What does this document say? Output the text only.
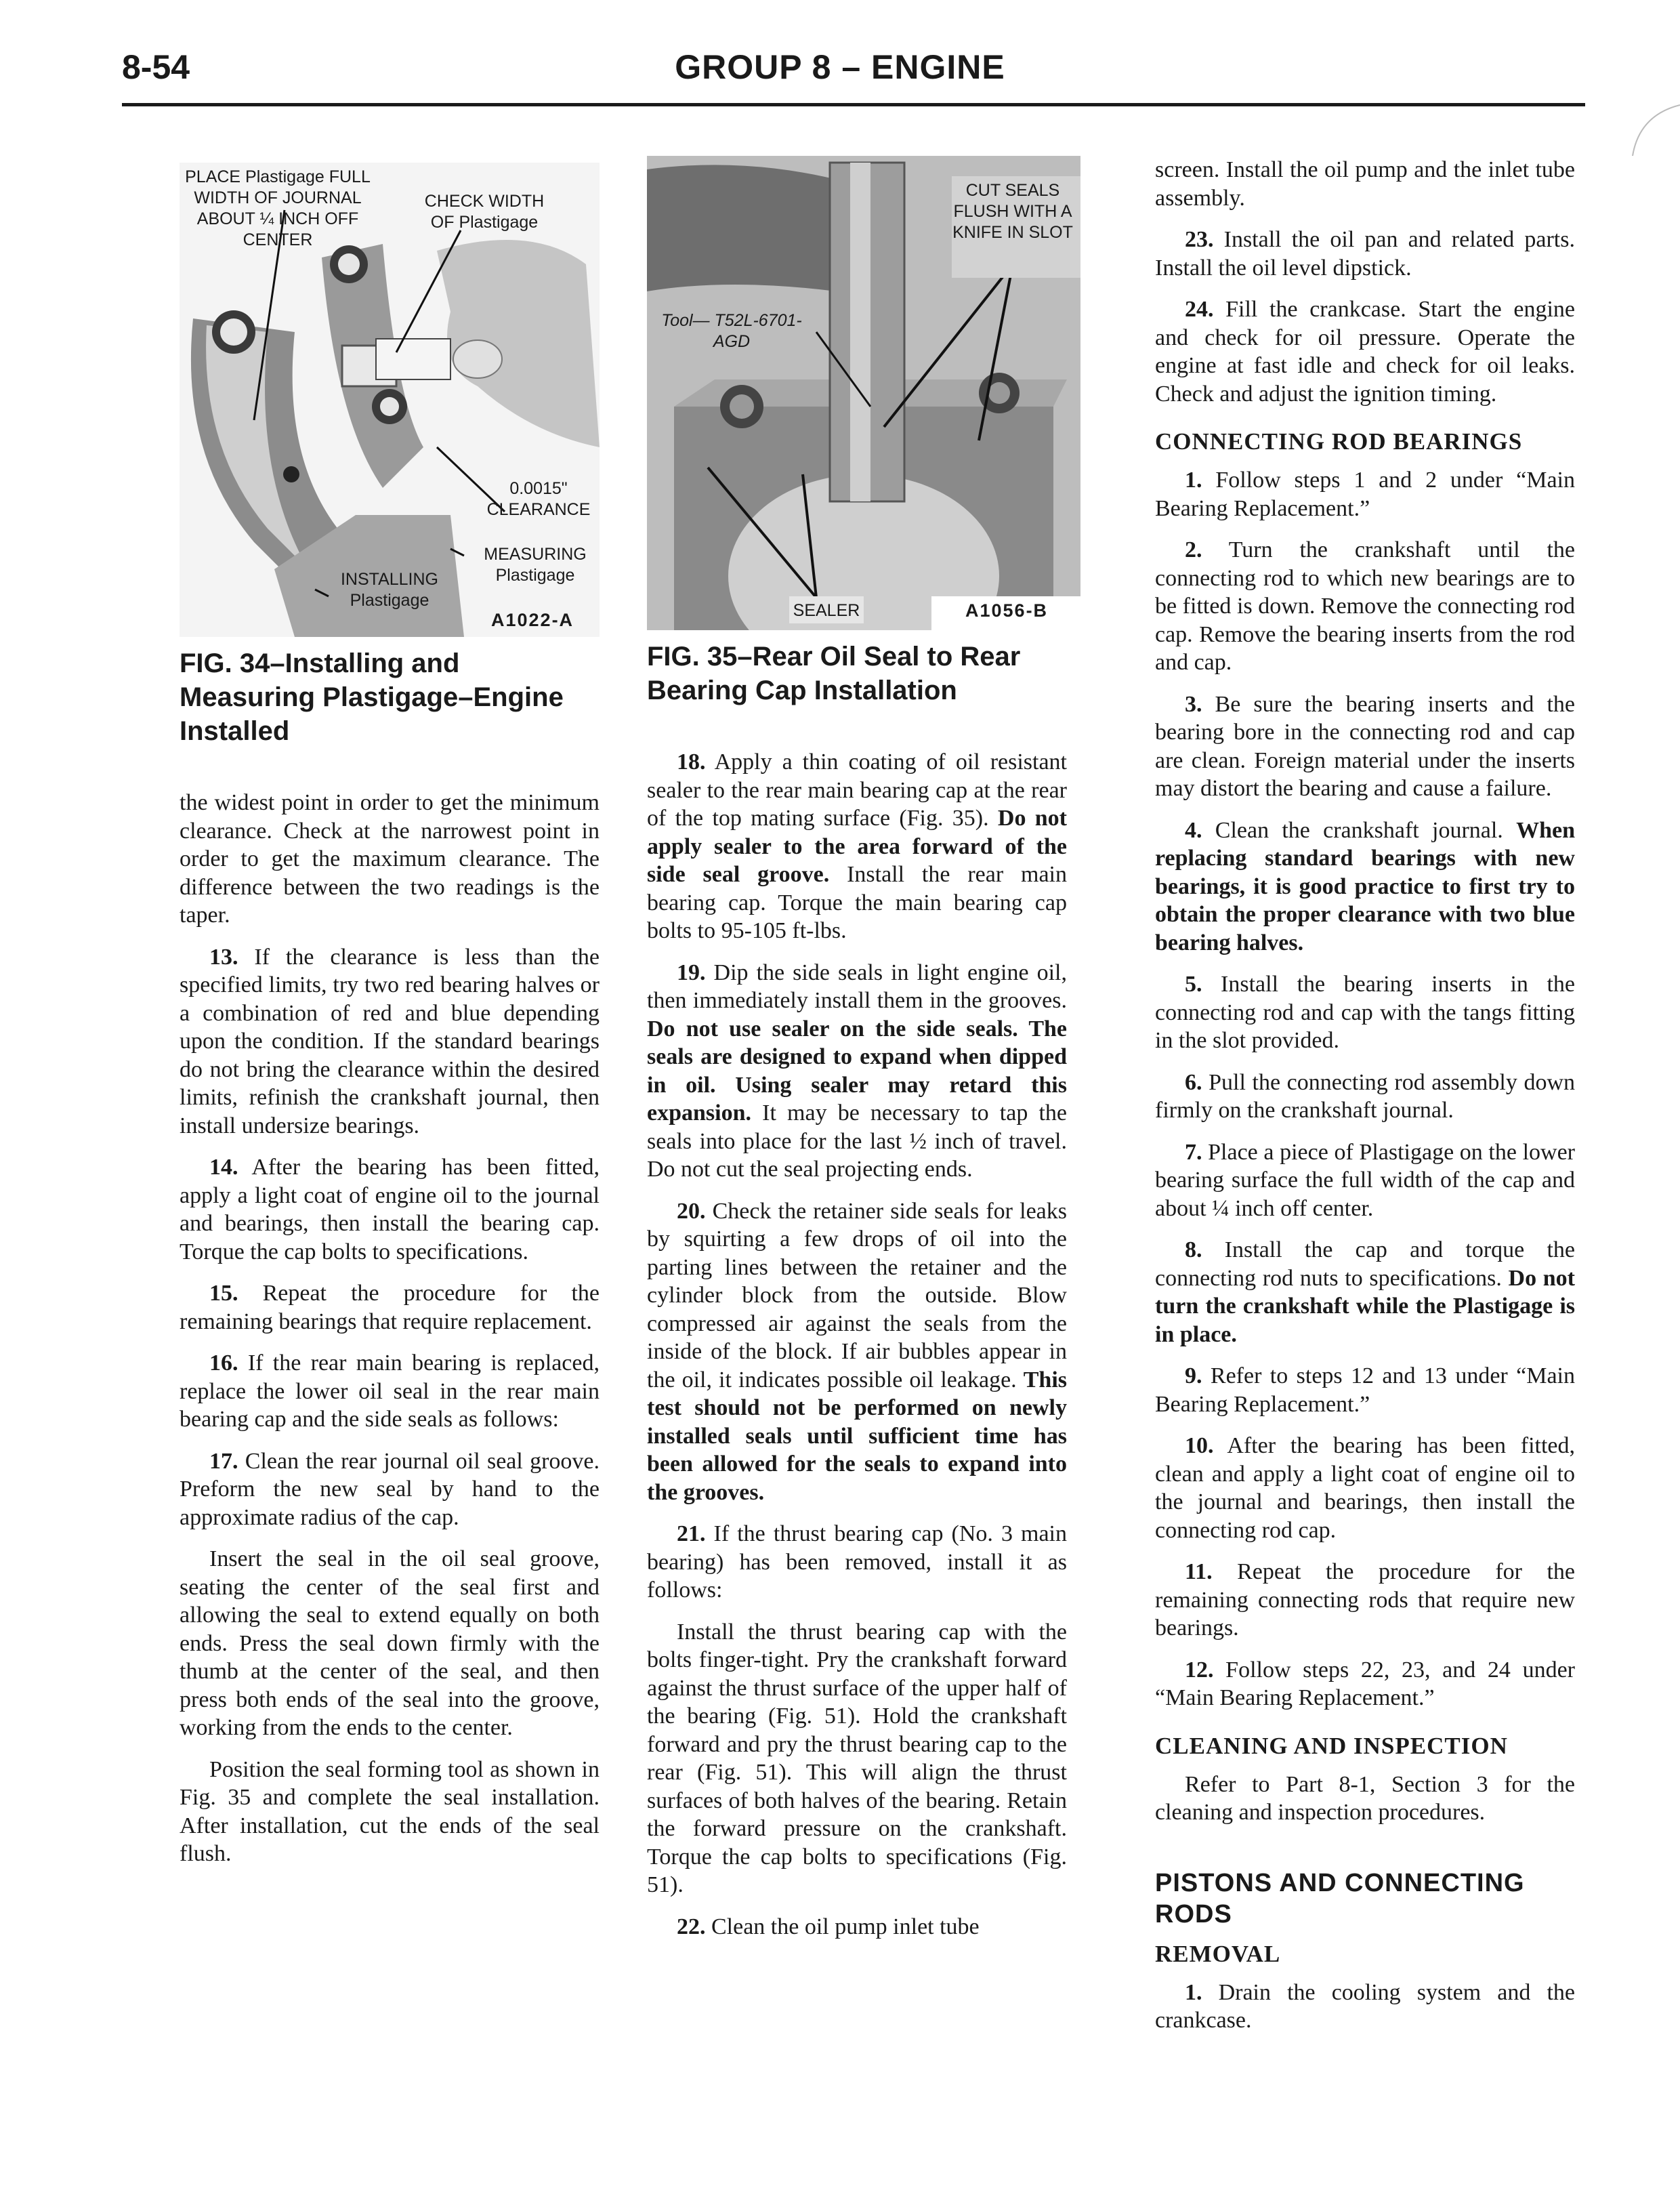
8-54	GROUP 8 – ENGINE
PLACE Plastigage FULL WIDTH OF JOURNAL ABOUT ¼ INCH OFF CENTER
CHECK WIDTH OF Plastigage
0.0015" CLEARANCE
MEASURING Plastigage
INSTALLING Plastigage
A1022-A
FIG. 34–Installing and Measuring Plastigage–Engine Installed

the widest point in order to get the minimum clearance. Check at the narrowest point in order to get the maximum clearance. The difference between the two readings is the taper.

13. If the clearance is less than the specified limits, try two red bearing halves or a combination of red and blue depending upon the condition. If the standard bearings do not bring the clearance within the desired limits, refinish the crankshaft journal, then install undersize bearings.

14. After the bearing has been fitted, apply a light coat of engine oil to the journal and bearings, then install the bearing cap. Torque the cap bolts to specifications.

15. Repeat the procedure for the remaining bearings that require replacement.

16. If the rear main bearing is replaced, replace the lower oil seal in the rear main bearing cap and the side seals as follows:

17. Clean the rear journal oil seal groove. Preform the new seal by hand to the approximate radius of the cap.

Insert the seal in the oil seal groove, seating the center of the seal first and allowing the seal to extend equally on both ends. Press the seal down firmly with the thumb at the center of the seal, and then press both ends of the seal into the groove, working from the ends to the center.

Position the seal forming tool as shown in Fig. 35 and complete the seal installation. After installation, cut the ends of the seal flush.

CUT SEALS FLUSH WITH A KNIFE IN SLOT
Tool— T52L-6701-AGD
SEALER	A1056-B
FIG. 35–Rear Oil Seal to Rear Bearing Cap Installation

18. Apply a thin coating of oil resistant sealer to the rear main bearing cap at the rear of the top mating surface (Fig. 35). Do not apply sealer to the area forward of the side seal groove. Install the rear main bearing cap. Torque the main bearing cap bolts to 95-105 ft-lbs.

19. Dip the side seals in light engine oil, then immediately install them in the grooves. Do not use sealer on the side seals. The seals are designed to expand when dipped in oil. Using sealer may retard this expansion. It may be necessary to tap the seals into place for the last ½ inch of travel. Do not cut the seal projecting ends.

20. Check the retainer side seals for leaks by squirting a few drops of oil into the parting lines between the retainer and the cylinder block from the outside. Blow compressed air against the seals from the inside of the block. If air bubbles appear in the oil, it indicates possible oil leakage. This test should not be performed on newly installed seals until sufficient time has been allowed for the seals to expand into the grooves.

21. If the thrust bearing cap (No. 3 main bearing) has been removed, install it as follows:

Install the thrust bearing cap with the bolts finger-tight. Pry the crankshaft forward against the thrust surface of the upper half of the bearing (Fig. 51). Hold the crankshaft forward and pry the thrust bearing cap to the rear (Fig. 51). This will align the thrust surfaces of both halves of the bearing. Retain the forward pressure on the crankshaft. Torque the cap bolts to specifications (Fig. 51).

22. Clean the oil pump inlet tube

screen. Install the oil pump and the inlet tube assembly.

23. Install the oil pan and related parts. Install the oil level dipstick.

24. Fill the crankcase. Start the engine and check for oil pressure. Operate the engine at fast idle and check for oil leaks. Check and adjust the ignition timing.

CONNECTING ROD BEARINGS

1. Follow steps 1 and 2 under “Main Bearing Replacement.”

2. Turn the crankshaft until the connecting rod to which new bearings are to be fitted is down. Remove the connecting rod cap. Remove the bearing inserts from the rod and cap.

3. Be sure the bearing inserts and the bearing bore in the connecting rod and cap are clean. Foreign material under the inserts may distort the bearing and cause a failure.

4. Clean the crankshaft journal. When replacing standard bearings with new bearings, it is good practice to first try to obtain the proper clearance with two blue bearing halves.

5. Install the bearing inserts in the connecting rod and cap with the tangs fitting in the slot provided.

6. Pull the connecting rod assembly down firmly on the crankshaft journal.

7. Place a piece of Plastigage on the lower bearing surface the full width of the cap and about ¼ inch off center.

8. Install the cap and torque the connecting rod nuts to specifications. Do not turn the crankshaft while the Plastigage is in place.

9. Refer to steps 12 and 13 under “Main Bearing Replacement.”

10. After the bearing has been fitted, clean and apply a light coat of engine oil to the journal and bearings, then install the connecting rod cap.

11. Repeat the procedure for the remaining connecting rods that require new bearings.

12. Follow steps 22, 23, and 24 under “Main Bearing Replacement.”

CLEANING AND INSPECTION

Refer to Part 8-1, Section 3 for the cleaning and inspection procedures.

PISTONS AND CONNECTING RODS
REMOVAL

1. Drain the cooling system and the crankcase.
